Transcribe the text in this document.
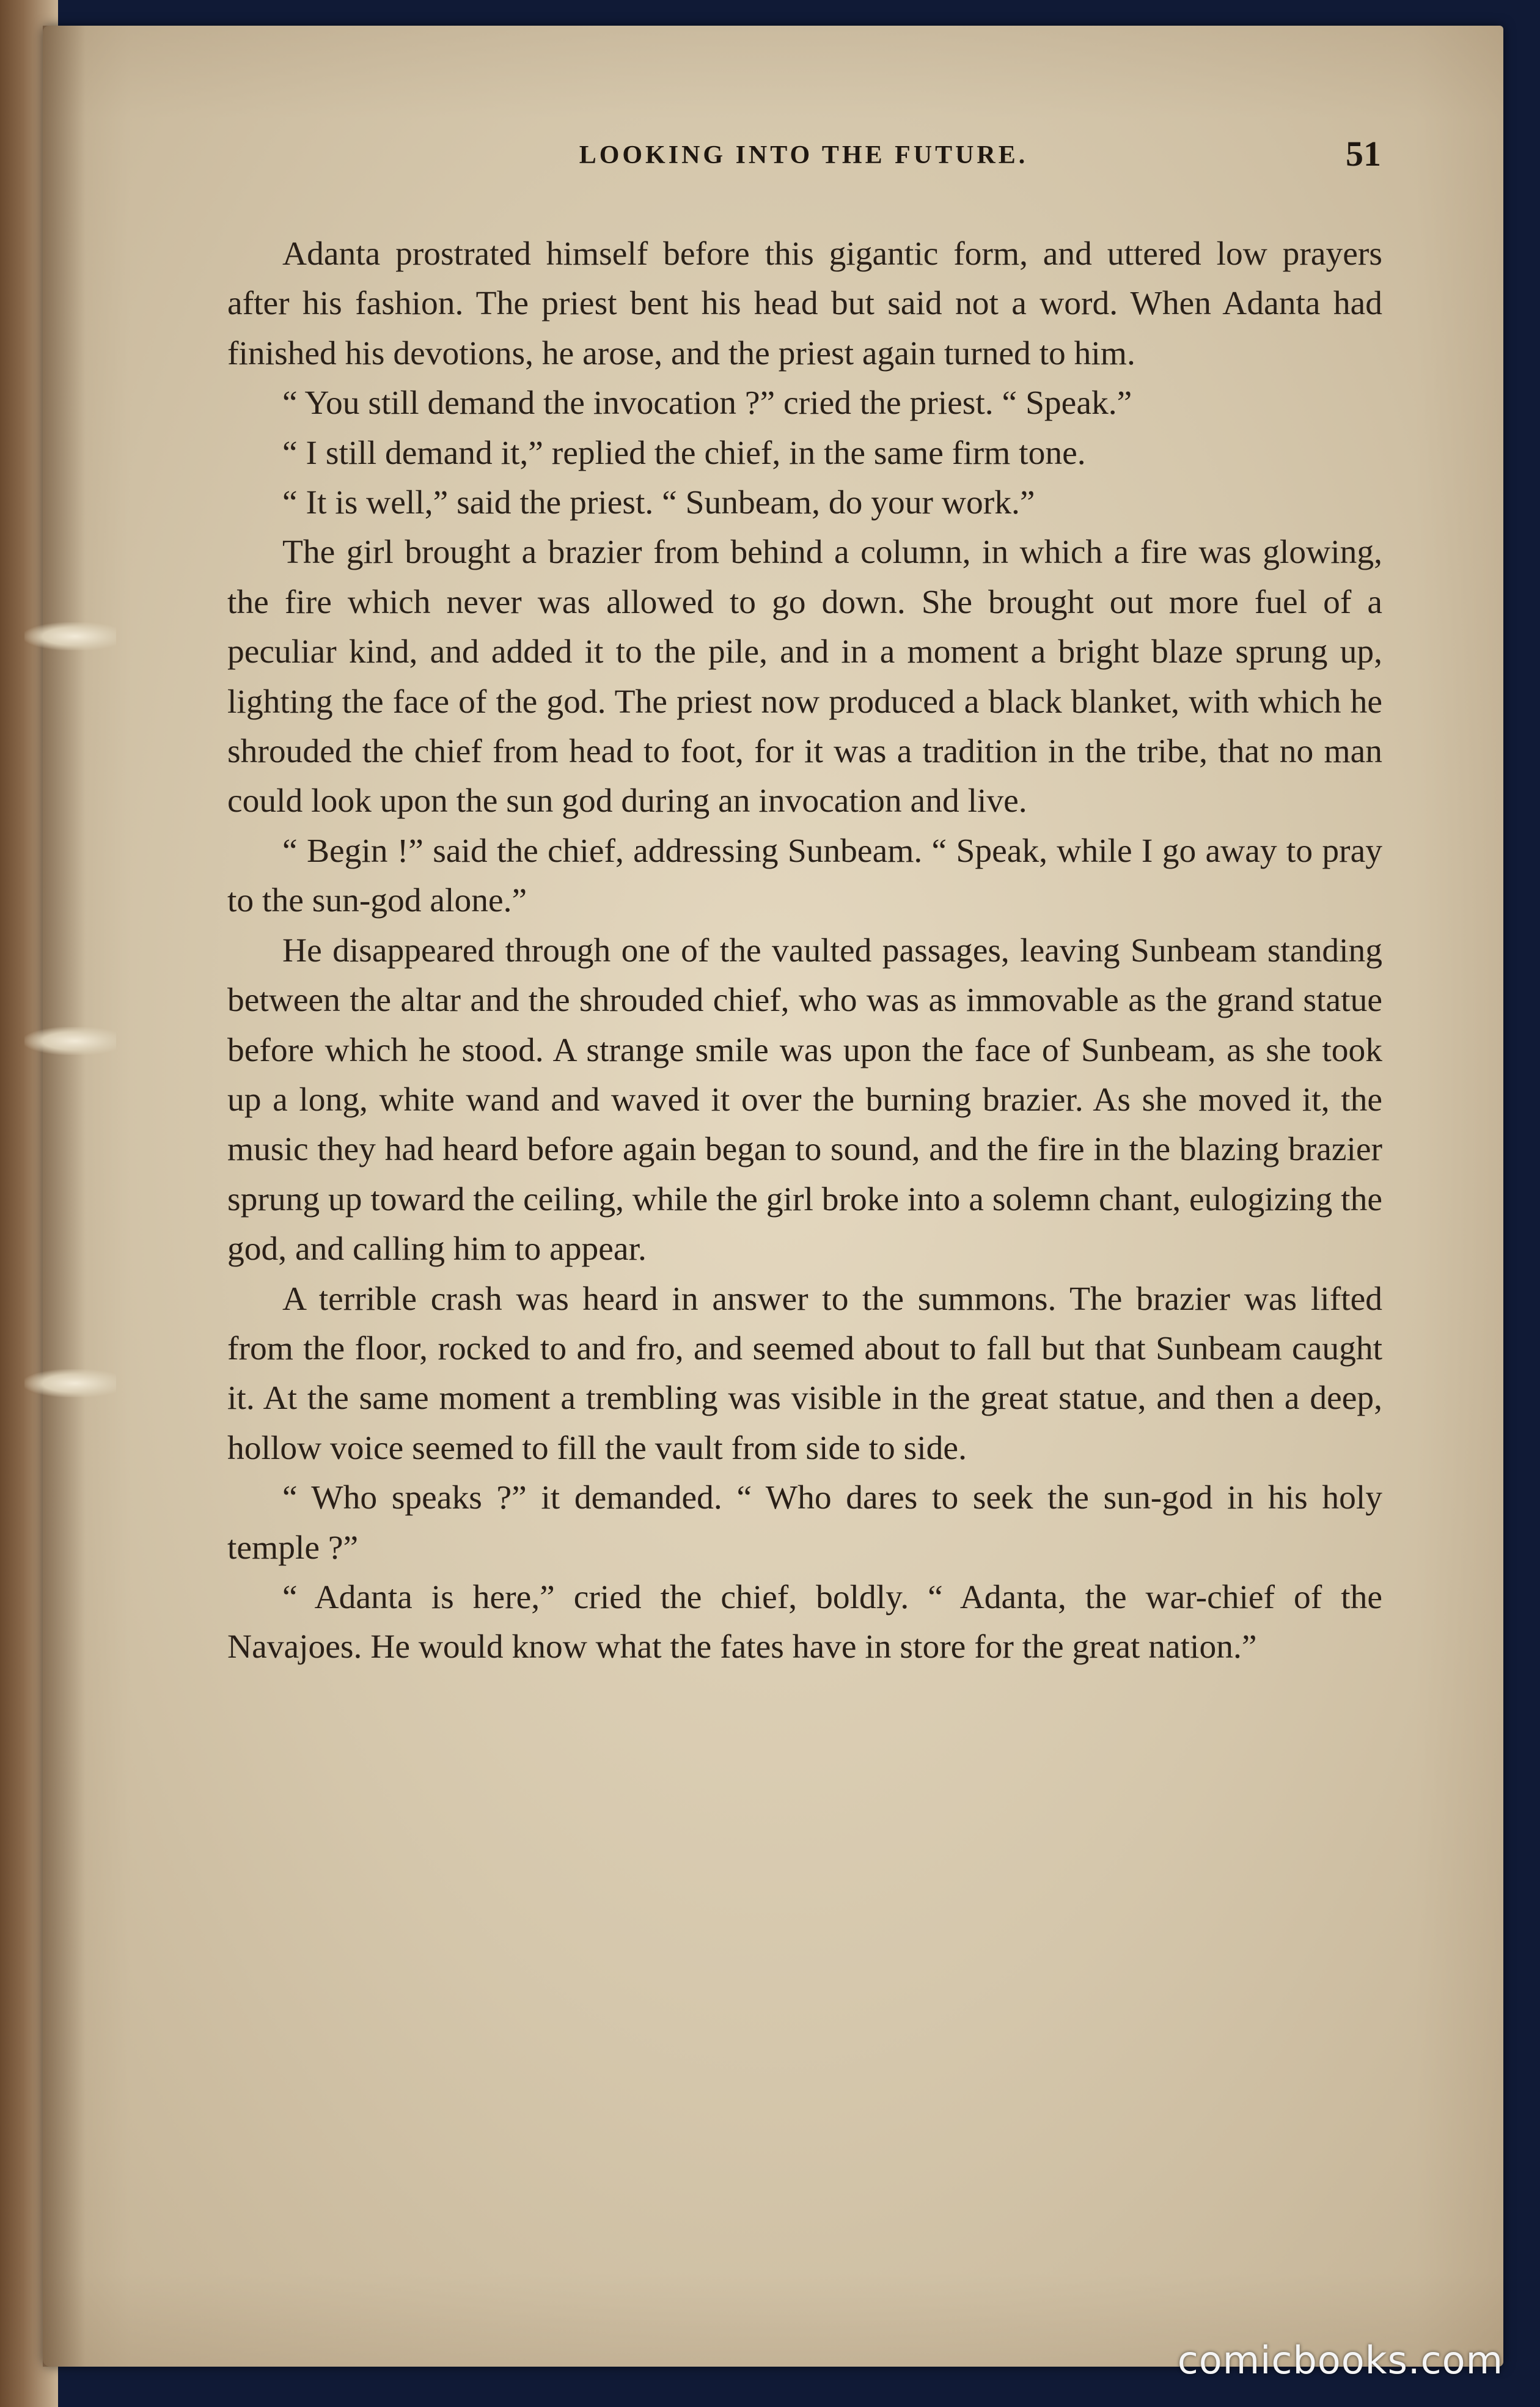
LOOKING INTO THE FUTURE.	51

Adanta prostrated himself before this gigantic form, and uttered low prayers after his fashion. The priest bent his head but said not a word. When Adanta had finished his devotions, he arose, and the priest again turned to him.

“ You still demand the invocation ?” cried the priest. “ Speak.”

“ I still demand it,” replied the chief, in the same firm tone.

“ It is well,” said the priest. “ Sunbeam, do your work.”

The girl brought a brazier from behind a column, in which a fire was glowing, the fire which never was allowed to go down. She brought out more fuel of a peculiar kind, and added it to the pile, and in a moment a bright blaze sprung up, lighting the face of the god. The priest now produced a black blanket, with which he shrouded the chief from head to foot, for it was a tradition in the tribe, that no man could look upon the sun god during an invocation and live.

“ Begin !” said the chief, addressing Sunbeam. “ Speak, while I go away to pray to the sun-god alone.”

He disappeared through one of the vaulted passages, leaving Sunbeam standing between the altar and the shrouded chief, who was as immovable as the grand statue before which he stood. A strange smile was upon the face of Sunbeam, as she took up a long, white wand and waved it over the burning brazier. As she moved it, the music they had heard before again began to sound, and the fire in the blazing brazier sprung up toward the ceiling, while the girl broke into a solemn chant, eulogizing the god, and calling him to appear.

A terrible crash was heard in answer to the summons. The brazier was lifted from the floor, rocked to and fro, and seemed about to fall but that Sunbeam caught it. At the same moment a trembling was visible in the great statue, and then a deep, hollow voice seemed to fill the vault from side to side.

“ Who speaks ?” it demanded. “ Who dares to seek the sun-god in his holy temple ?”

“ Adanta is here,” cried the chief, boldly. “ Adanta, the war-chief of the Navajoes. He would know what the fates have in store for the great nation.”

comicbooks.com
